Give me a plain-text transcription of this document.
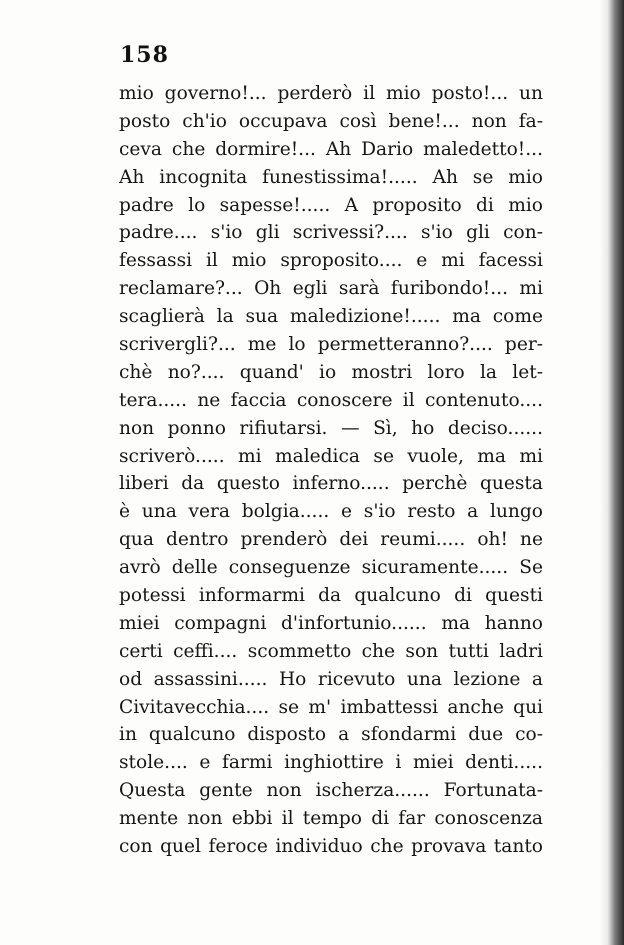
158
mio governo!... perderò il mio posto!... un
posto ch'io occupava così bene!... non fa-
ceva che dormire!... Ah Dario maledetto!...
Ah incognita funestissima!..... Ah se mio
padre lo sapesse!..... A proposito di mio
padre.... s'io gli scrivessi?.... s'io gli con-
fessassi il mio sproposito.... e mi facessi
reclamare?... Oh egli sarà furibondo!... mi
scaglierà la sua maledizione!..... ma come
scrivergli?... me lo permetteranno?.... per-
chè no?.... quand' io mostri loro la let-
tera..... ne faccia conoscere il contenuto....
non ponno rifiutarsi. — Sì, ho deciso......
scriverò..... mi maledica se vuole, ma mi
liberi da questo inferno..... perchè questa
è una vera bolgia..... e s'io resto a lungo
qua dentro prenderò dei reumi..... oh! ne
avrò delle conseguenze sicuramente..... Se
potessi informarmi da qualcuno di questi
miei compagni d'infortunio...... ma hanno
certi ceffi.... scommetto che son tutti ladri
od assassini..... Ho ricevuto una lezione a
Civitavecchia.... se m' imbattessi anche qui
in qualcuno disposto a sfondarmi due co-
stole.... e farmi inghiottire i miei denti.....
Questa gente non ischerza...... Fortunata-
mente non ebbi il tempo di far conoscenza
con quel feroce individuo che provava tanto
